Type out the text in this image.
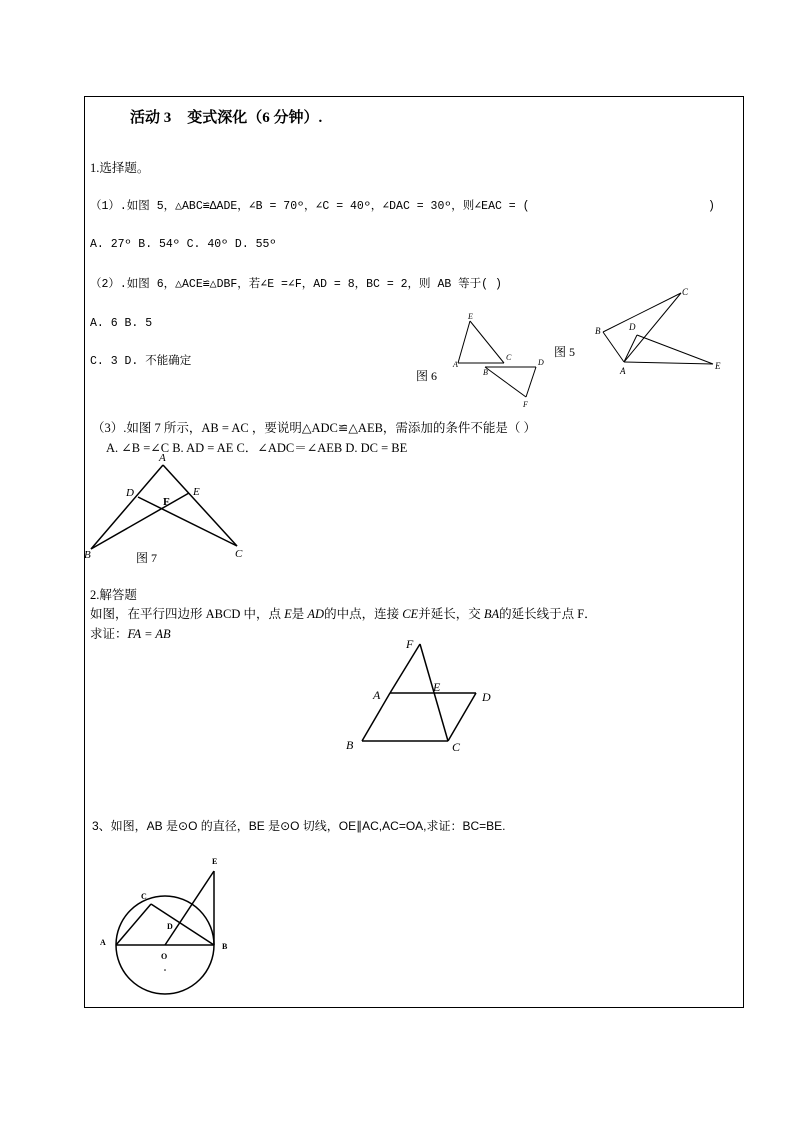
活动 3 变式深化（6 分钟）.
1.选择题。
（1）.如图 5，△ABC≌ΔADE，∠B = 70º，∠C = 40º，∠DAC = 30º，则∠EAC = (	)
A. 27º B. 54º C. 40º D. 55º
（2）.如图 6，△ACE≌△DBF，若∠E =∠F，AD = 8，BC = 2，则 AB 等于( )
A. 6 B. 5
C. 3 D. 不能确定
（3）.如图 7 所示，AB = AC ，要说明△ADC≌△AEB，需添加的条件不能是（ ）
A. ∠B =∠C B. AD = AE C．∠ADC＝∠AEB D. DC = BE
E
A
C
B
D
F
图 6
图 5
C
B	D
A	E
A
D	E
F
B	C
图 7
2.解答题
如图，在平行四边形 ABCD 中，点 E是 AD的中点，连接 CE并延长，交 BA的延长线于点 F．
求证：FA = AB
F
A
E
D
B	C
3、如图，AB 是⊙O 的直径，BE 是⊙O 切线，OE∥AC,AC=OA,求证：BC=BE.
E
C
D
A
O
B
